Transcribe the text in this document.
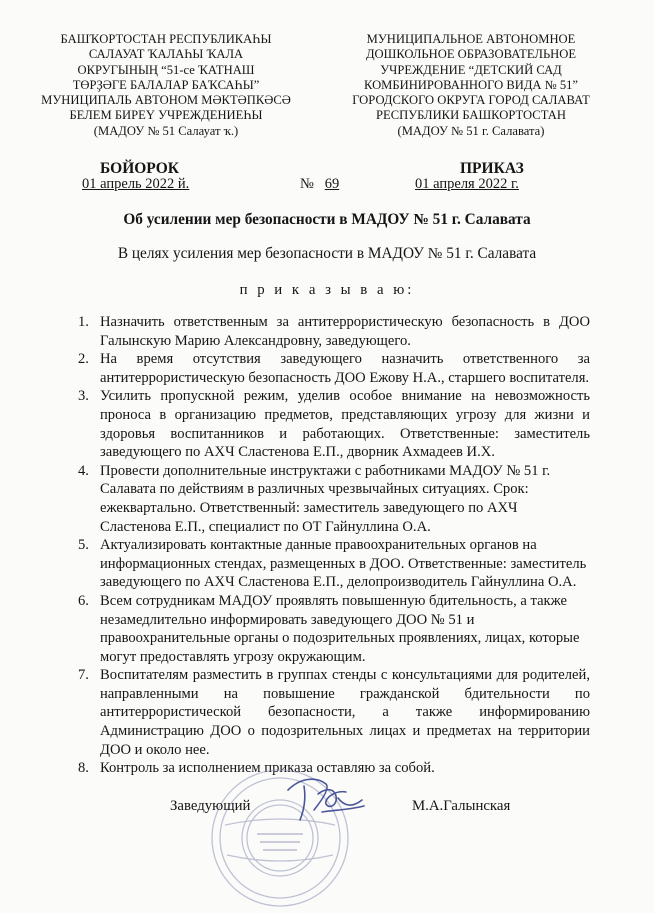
БАШҠОРТОСТАН РЕСПУБЛИКАҺЫ
САЛАУАТ ҠАЛАҺЫ ҠАЛА
ОКРУГЫНЫҢ “51-се ҠАТНАШ
ТӨРҘӘГЕ БАЛАЛАР БАҠСАҺЫ”
МУНИЦИПАЛЬ АВТОНОМ МӘКТӘПКӘСӘ
БЕЛЕМ БИРЕҮ УЧРЕЖДЕНИЕҺЫ
(МАДОУ № 51 Салауат ҡ.)
МУНИЦИПАЛЬНОЕ АВТОНОМНОЕ
ДОШКОЛЬНОЕ ОБРАЗОВАТЕЛЬНОЕ
УЧРЕЖДЕНИЕ “ДЕТСКИЙ САД
КОМБИНИРОВАННОГО ВИДА № 51”
ГОРОДСКОГО ОКРУГА ГОРОД САЛАВАТ
РЕСПУБЛИКИ БАШКОРТОСТАН
(МАДОУ № 51 г. Салавата)
БОЙОРОК	ПРИКАЗ
01 апрель 2022 й.	№ 69	01 апреля 2022 г.
Об усилении мер безопасности в МАДОУ № 51 г. Салавата
В целях усиления мер безопасности в МАДОУ № 51 г. Салавата
п р и к а з ы в а ю:
1. Назначить ответственным за антитеррористическую безопасность в ДОО Галынскую Марию Александровну, заведующего.
2. На время отсутствия заведующего назначить ответственного за антитеррористическую безопасность ДОО Ежову Н.А., старшего воспитателя.
3. Усилить пропускной режим, уделив особое внимание на невозможность проноса в организацию предметов, представляющих угрозу для жизни и здоровья воспитанников и работающих. Ответственные: заместитель заведующего по АХЧ Сластенова Е.П., дворник Ахмадеев И.Х.
4. Провести дополнительные инструктажи с работниками МАДОУ № 51 г. Салавата по действиям в различных чрезвычайных ситуациях. Срок: ежеквартально. Ответственный: заместитель заведующего по АХЧ Сластенова Е.П., специалист по ОТ Гайнуллина О.А.
5. Актуализировать контактные данные правоохранительных органов на информационных стендах, размещенных в ДОО. Ответственные: заместитель заведующего по АХЧ Сластенова Е.П., делопроизводитель Гайнуллина О.А.
6. Всем сотрудникам МАДОУ проявлять повышенную бдительность, а также незамедлительно информировать заведующего ДОО № 51 и правоохранительные органы о подозрительных проявлениях, лицах, которые могут предоставлять угрозу окружающим.
7. Воспитателям разместить в группах стенды с консультациями для родителей, направленными на повышение гражданской бдительности по антитеррористической безопасности, а также информированию Администрацию ДОО о подозрительных лицах и предметах на территории ДОО и около нее.
8. Контроль за исполнением приказа оставляю за собой.
Заведующий	М.А.Галынская
